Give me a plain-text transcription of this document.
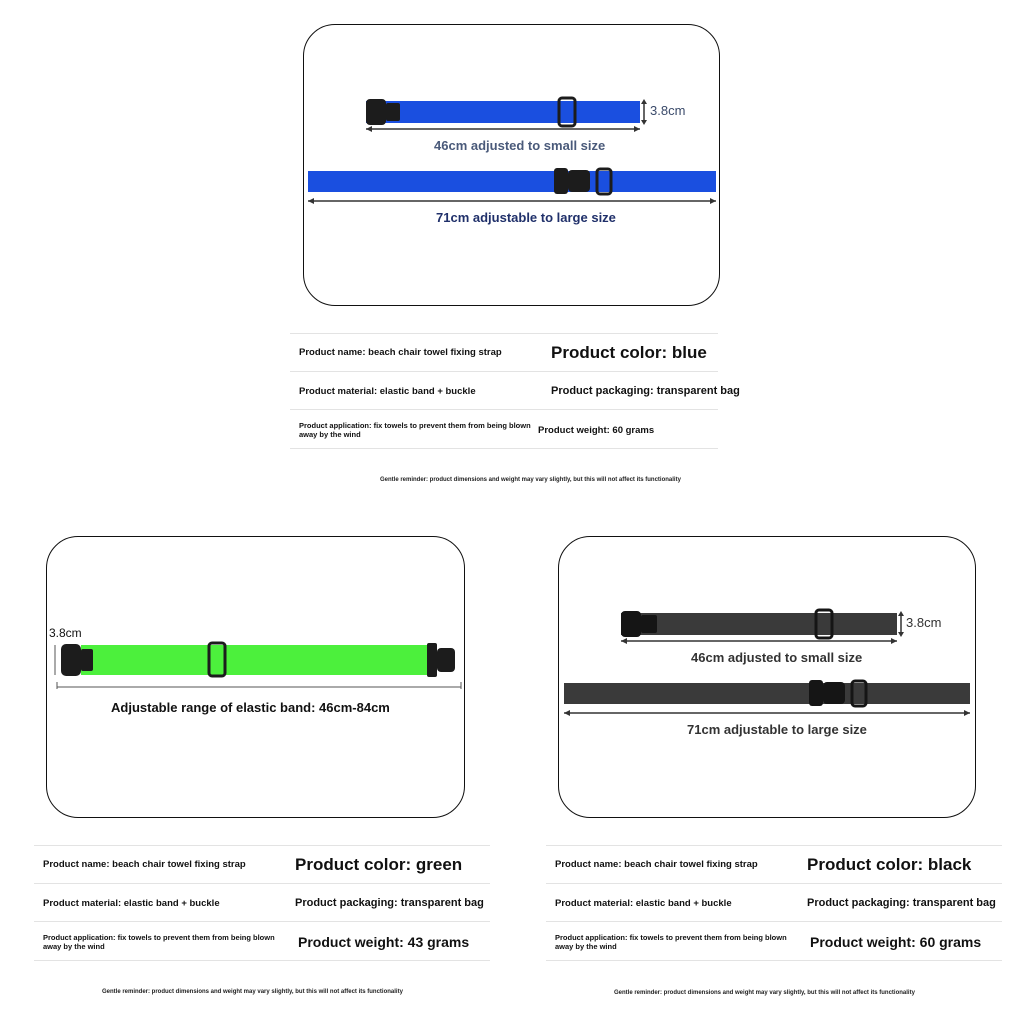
3.8cm
46cm adjusted to small size
71cm adjustable to large size
Product name: beach chair towel fixing strap	Product color: blue
Product material: elastic band + buckle	Product packaging: transparent bag
Product application: fix towels to prevent them from being blown away by the wind	Product weight: 60 grams
Gentle reminder: product dimensions and weight may vary slightly, but this will not affect its functionality
3.8cm
Adjustable range of elastic band: 46cm-84cm
Product name: beach chair towel fixing strap	Product color: green
Product material: elastic band + buckle	Product packaging: transparent bag
Product application: fix towels to prevent them from being blown away by the wind	Product weight: 43 grams
Gentle reminder: product dimensions and weight may vary slightly, but this will not affect its functionality
3.8cm
46cm adjusted to small size
71cm adjustable to large size
Product name: beach chair towel fixing strap	Product color: black
Product material: elastic band + buckle	Product packaging: transparent bag
Product application: fix towels to prevent them from being blown away by the wind	Product weight: 60 grams
Gentle reminder: product dimensions and weight may vary slightly, but this will not affect its functionality
